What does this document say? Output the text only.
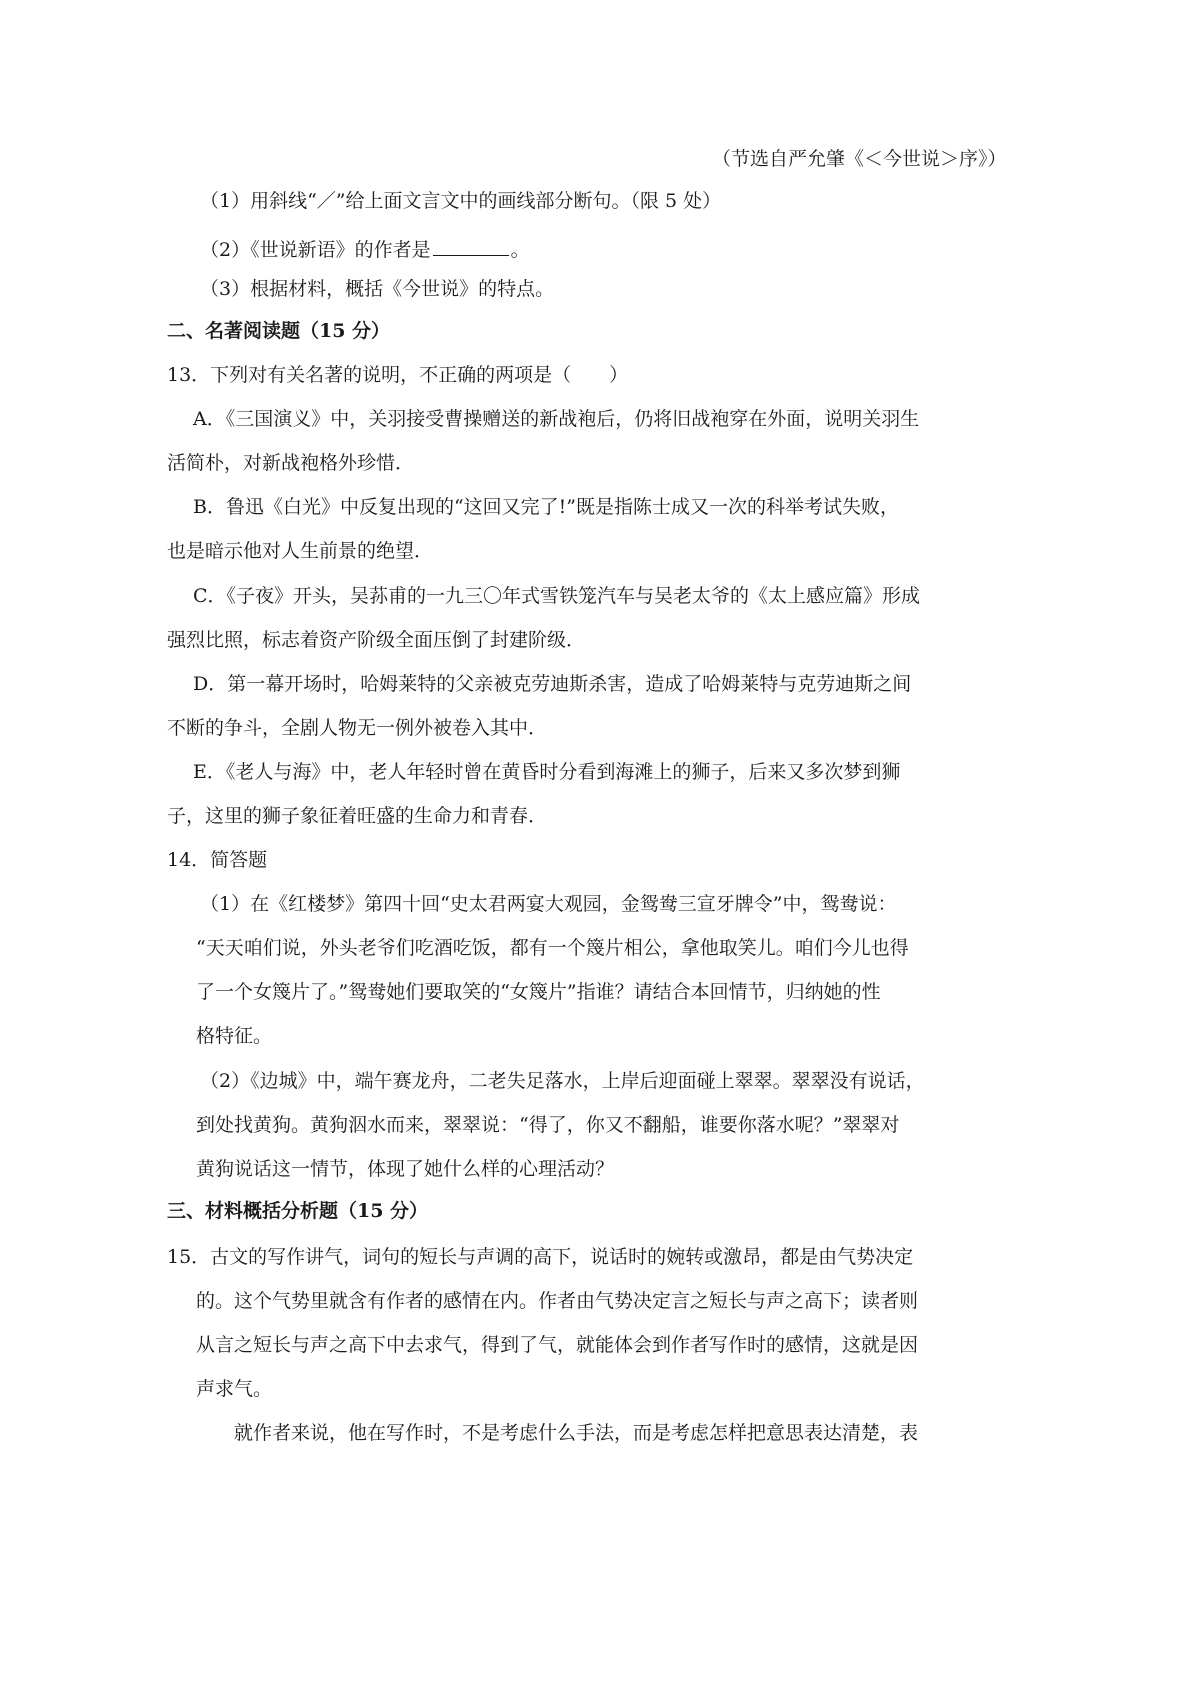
（节选自严允肇《＜今世说＞序》）
（1）用斜线“／”给上面文言文中的画线部分断句。（限 5 处）
（2）《世说新语》的作者是	。
（3）根据材料，概括《今世说》的特点。
二、名著阅读题（15 分）
13．下列对有关名著的说明，不正确的两项是（　　）
A．《三国演义》中，关羽接受曹操赠送的新战袍后，仍将旧战袍穿在外面，说明关羽生
活简朴，对新战袍格外珍惜．
B．鲁迅《白光》中反复出现的“这回又完了!”既是指陈士成又一次的科举考试失败，
也是暗示他对人生前景的绝望．
C．《子夜》开头，吴荪甫的一九三〇年式雪铁笼汽车与吴老太爷的《太上感应篇》形成
强烈比照，标志着资产阶级全面压倒了封建阶级．
D．第一幕开场时，哈姆莱特的父亲被克劳迪斯杀害，造成了哈姆莱特与克劳迪斯之间
不断的争斗，全剧人物无一例外被卷入其中．
E．《老人与海》中，老人年轻时曾在黄昏时分看到海滩上的狮子，后来又多次梦到狮
子，这里的狮子象征着旺盛的生命力和青春．
14．简答题
（1）在《红楼梦》第四十回“史太君两宴大观园，金鸳鸯三宣牙牌令”中，鸳鸯说：
“天天咱们说，外头老爷们吃酒吃饭，都有一个篾片相公，拿他取笑儿。咱们今儿也得
了一个女篾片了。”鸳鸯她们要取笑的“女篾片”指谁？请结合本回情节，归纳她的性
格特征。
（2）《边城》中，端午赛龙舟，二老失足落水，上岸后迎面碰上翠翠。翠翠没有说话，
到处找黄狗。黄狗泅水而来，翠翠说：“得了，你又不翻船，谁要你落水呢？”翠翠对
黄狗说话这一情节，体现了她什么样的心理活动？
三、材料概括分析题（15 分）
15．古文的写作讲气，词句的短长与声调的高下，说话时的婉转或激昂，都是由气势决定
的。这个气势里就含有作者的感情在内。作者由气势决定言之短长与声之高下；读者则
从言之短长与声之高下中去求气，得到了气，就能体会到作者写作时的感情，这就是因
声求气。
就作者来说，他在写作时，不是考虑什么手法，而是考虑怎样把意思表达清楚，表
